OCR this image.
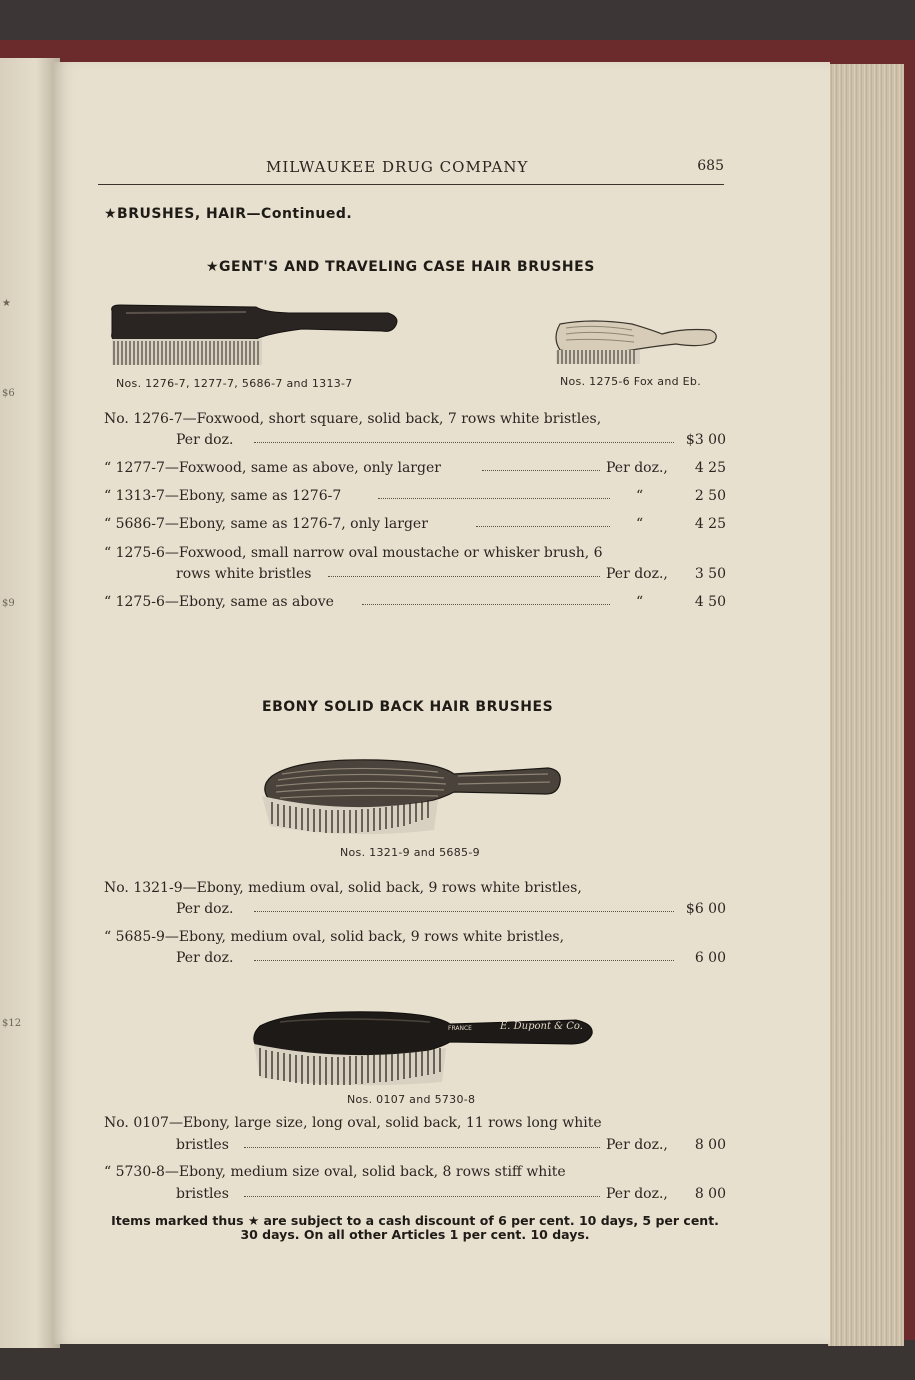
★
$6
$9
$12
MILWAUKEE DRUG COMPANY	685
★BRUSHES, HAIR—Continued.
★GENT'S AND TRAVELING CASE HAIR BRUSHES
Nos. 1276-7, 1277-7, 5686-7 and 1313-7	Nos. 1275-6 Fox and Eb.
No. 1276-7—Foxwood, short square, solid back, 7 rows white bristles,
Per doz.	$3 00
“ 1277-7—Foxwood, same as above, only larger	Per doz., 4 25
“ 1313-7—Ebony, same as 1276-7	“	2 50
“ 5686-7—Ebony, same as 1276-7, only larger	“	4 25
“ 1275-6—Foxwood, small narrow oval moustache or whisker brush, 6
rows white bristles	Per doz., 3 50
“ 1275-6—Ebony, same as above	“	4 50
EBONY SOLID BACK HAIR BRUSHES
Nos. 1321-9 and 5685-9
No. 1321-9—Ebony, medium oval, solid back, 9 rows white bristles,
Per doz.	$6 00
“ 5685-9—Ebony, medium oval, solid back, 9 rows white bristles,
Per doz.	6 00
FRANCE	E. Dupont & Co.
Nos. 0107 and 5730-8
No. 0107—Ebony, large size, long oval, solid back, 11 rows long white
bristles	Per doz., 8 00
“ 5730-8—Ebony, medium size oval, solid back, 8 rows stiff white
bristles	Per doz., 8 00
Items marked thus ★ are subject to a cash discount of 6 per cent. 10 days, 5 per cent.
30 days. On all other Articles 1 per cent. 10 days.
